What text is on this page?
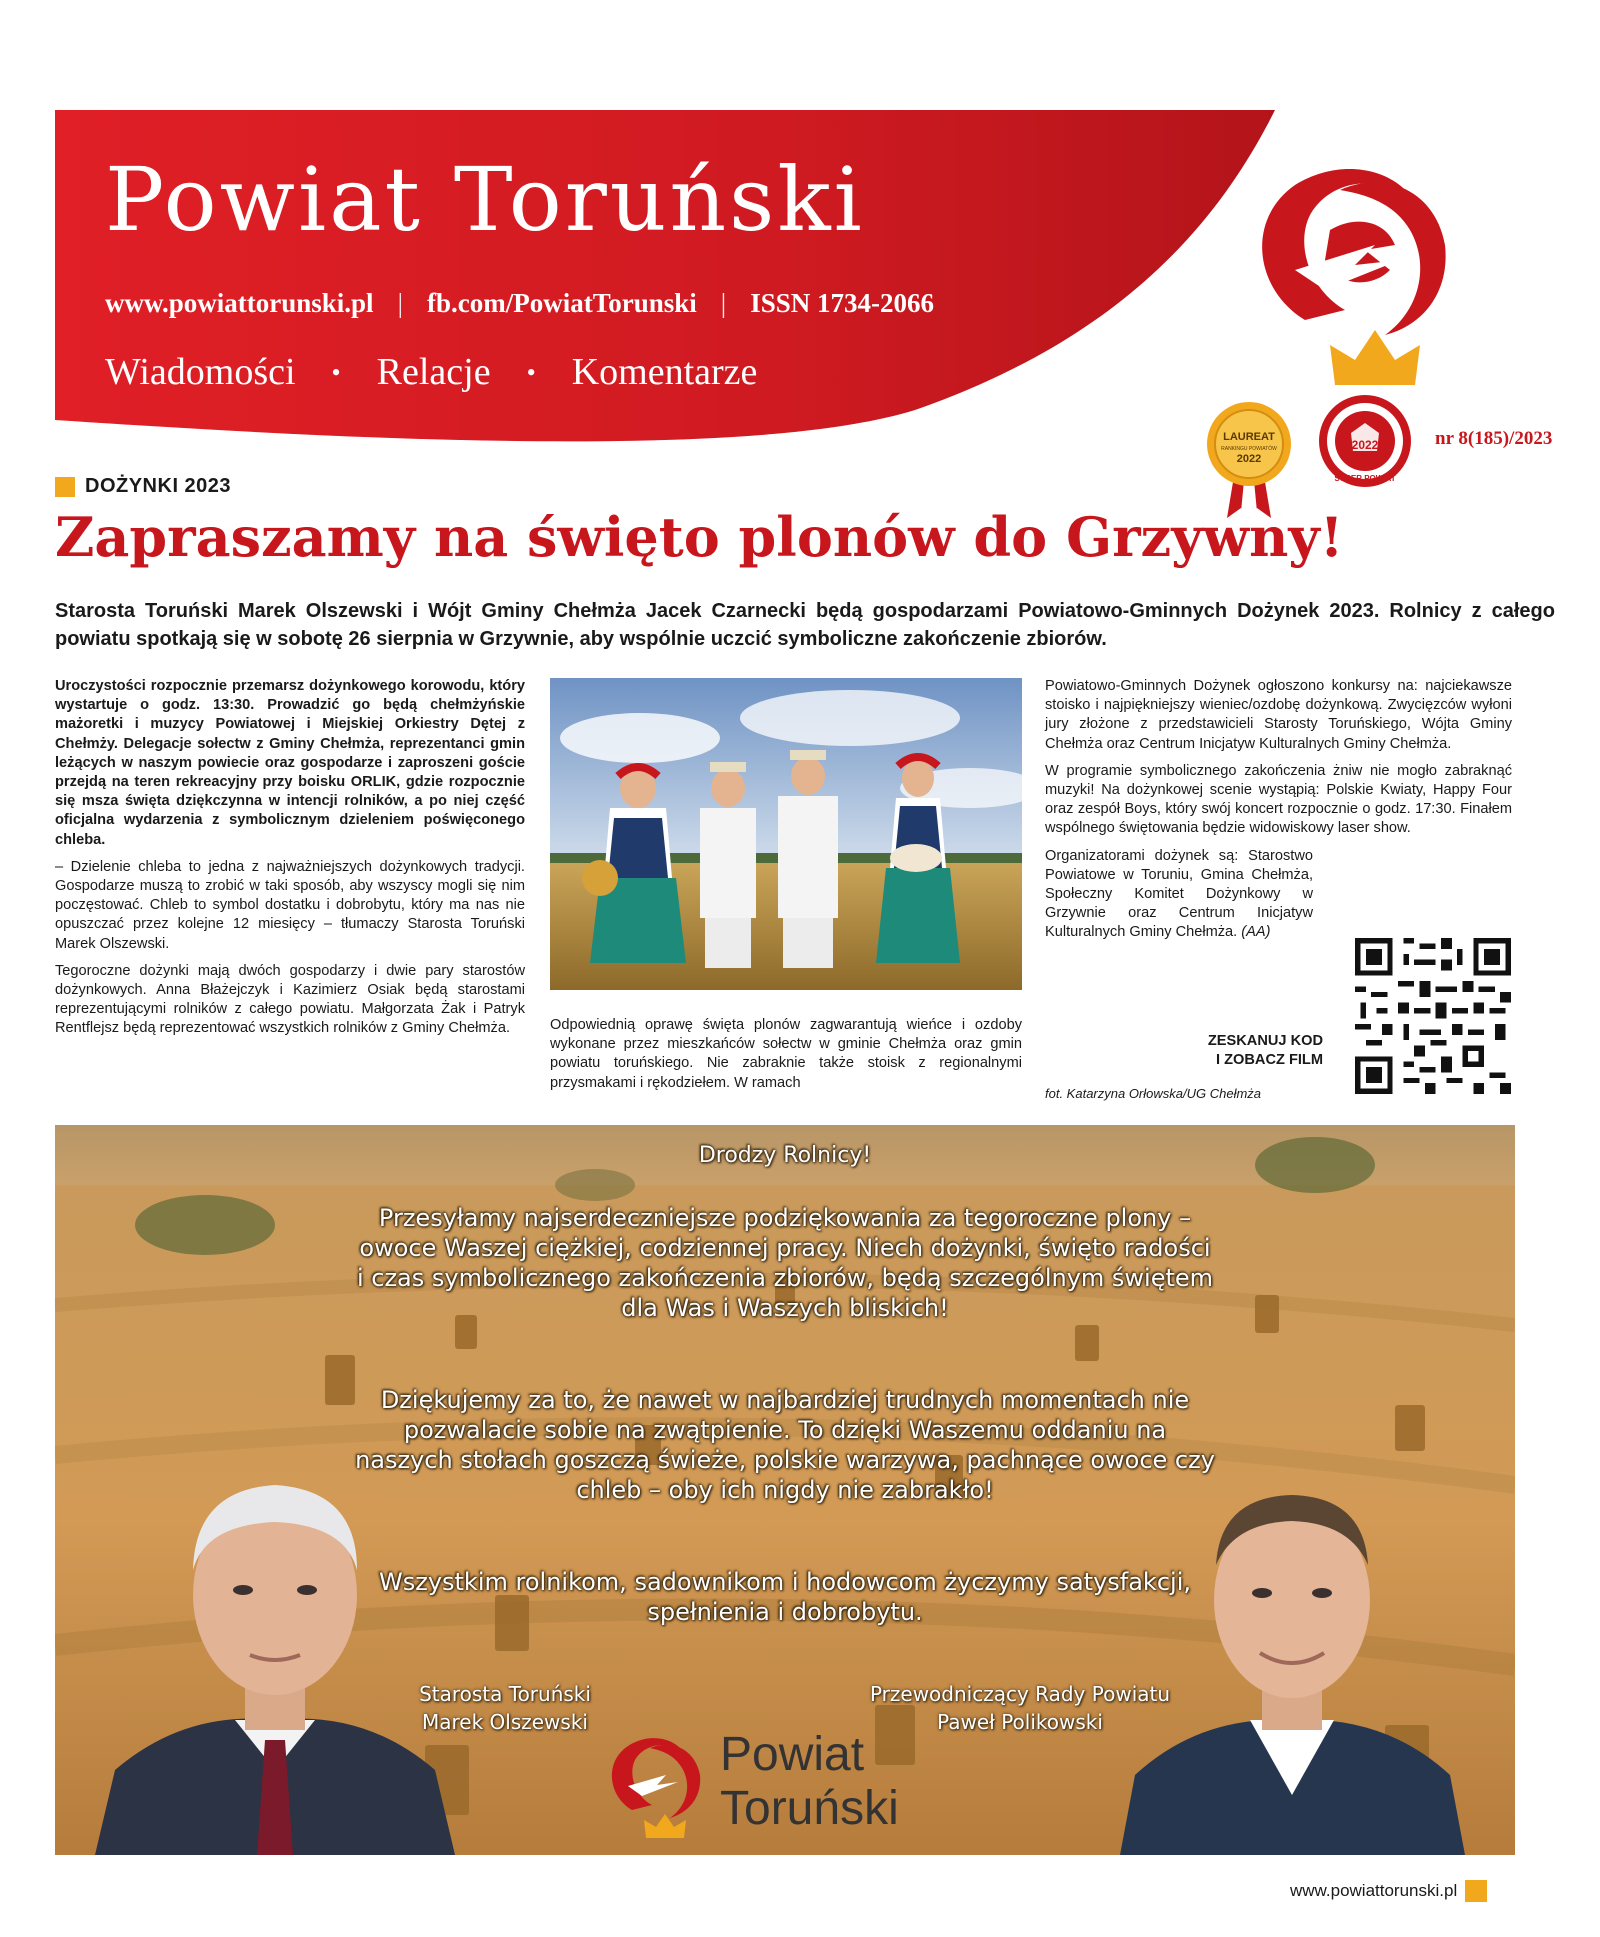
Powiat Toruński
www.powiattorunski.pl | fb.com/PowiatTorunski | ISSN 1734-2066
Wiadomości • Relacje • Komentarze
LAUREAT
RANKINGU POWIATÓW
2022
2022
SUPER POWIAT
nr 8(185)/2023
DOŻYNKI 2023
Zapraszamy na święto plonów do Grzywny!
Starosta Toruński Marek Olszewski i Wójt Gminy Chełmża Jacek Czarnecki będą gospodarzami Powiatowo-Gminnych Dożynek 2023. Rolnicy z całego powiatu spotkają się w sobotę 26 sierpnia w Grzywnie, aby wspólnie uczcić symboliczne zakończenie zbiorów.

Uroczystości rozpocznie przemarsz dożynkowego korowodu, który wystartuje o godz. 13:30. Prowadzić go będą chełmżyńskie mażoretki i muzycy Powiatowej i Miejskiej Orkiestry Dętej z Chełmży. Delegacje sołectw z Gminy Chełmża, reprezentanci gmin leżących w naszym powiecie oraz gospodarze i zaproszeni goście przejdą na teren rekreacyjny przy boisku ORLIK, gdzie rozpocznie się msza święta dziękczynna w intencji rolników, a po niej część oficjalna wydarzenia z symbolicznym dzieleniem poświęconego chleba.

– Dzielenie chleba to jedna z najważniejszych dożynkowych tradycji. Gospodarze muszą to zrobić w taki sposób, aby wszyscy mogli się nim poczęstować. Chleb to symbol dostatku i dobrobytu, który ma nas nie opuszczać przez kolejne 12 miesięcy – tłumaczy Starosta Toruński Marek Olszewski.

Tegoroczne dożynki mają dwóch gospodarzy i dwie pary starostów dożynkowych. Anna Błażejczyk i Kazimierz Osiak będą starostami reprezentującymi rolników z całego powiatu. Małgorzata Żak i Patryk Rentflejsz będą reprezentować wszystkich rolników z Gminy Chełmża.	Odpowiednią oprawę święta plonów zagwarantują wieńce i ozdoby wykonane przez mieszkańców sołectw w gminie Chełmża oraz gmin powiatu toruńskiego. Nie zabraknie także stoisk z regionalnymi przysmakami i rękodziełem. W ramach

Powiatowo-Gminnych Dożynek ogłoszono konkursy na: najciekawsze stoisko i najpiękniejszy wieniec/ozdobę dożynkową. Zwycięzców wyłoni jury złożone z przedstawicieli Starosty Toruńskiego, Wójta Gminy Chełmża oraz Centrum Inicjatyw Kulturalnych Gminy Chełmża.

W programie symbolicznego zakończenia żniw nie mogło zabraknąć muzyki! Na dożynkowej scenie wystąpią: Polskie Kwiaty, Happy Four oraz zespół Boys, który swój koncert rozpocznie o godz. 17:30. Finałem wspólnego świętowania będzie widowiskowy laser show.

Organizatorami dożynek są: Starostwo Powiatowe w Toruniu, Gmina Chełmża, Społeczny Komitet Dożynkowy w Grzywnie oraz Centrum Inicjatyw Kulturalnych Gminy Chełmża. (AA)

ZESKANUJ KOD
I ZOBACZ FILM
fot. Katarzyna Orłowska/UG Chełmża
Drodzy Rolnicy!

Przesyłamy najserdeczniejsze podziękowania za tegoroczne plony – owoce Waszej ciężkiej, codziennej pracy. Niech dożynki, święto radości i czas symbolicznego zakończenia zbiorów, będą szczególnym świętem dla Was i Waszych bliskich!

Dziękujemy za to, że nawet w najbardziej trudnych momentach nie pozwalacie sobie na zwątpienie. To dzięki Waszemu oddaniu na naszych stołach goszczą świeże, polskie warzywa, pachnące owoce czy chleb – oby ich nigdy nie zabrakło!

Wszystkim rolnikom, sadownikom i hodowcom życzymy satysfakcji, spełnienia i dobrobytu.

Starosta Toruński
Marek Olszewski
Przewodniczący Rady Powiatu
Paweł Polikowski
Powiat
Toruński
www.powiattorunski.pl
